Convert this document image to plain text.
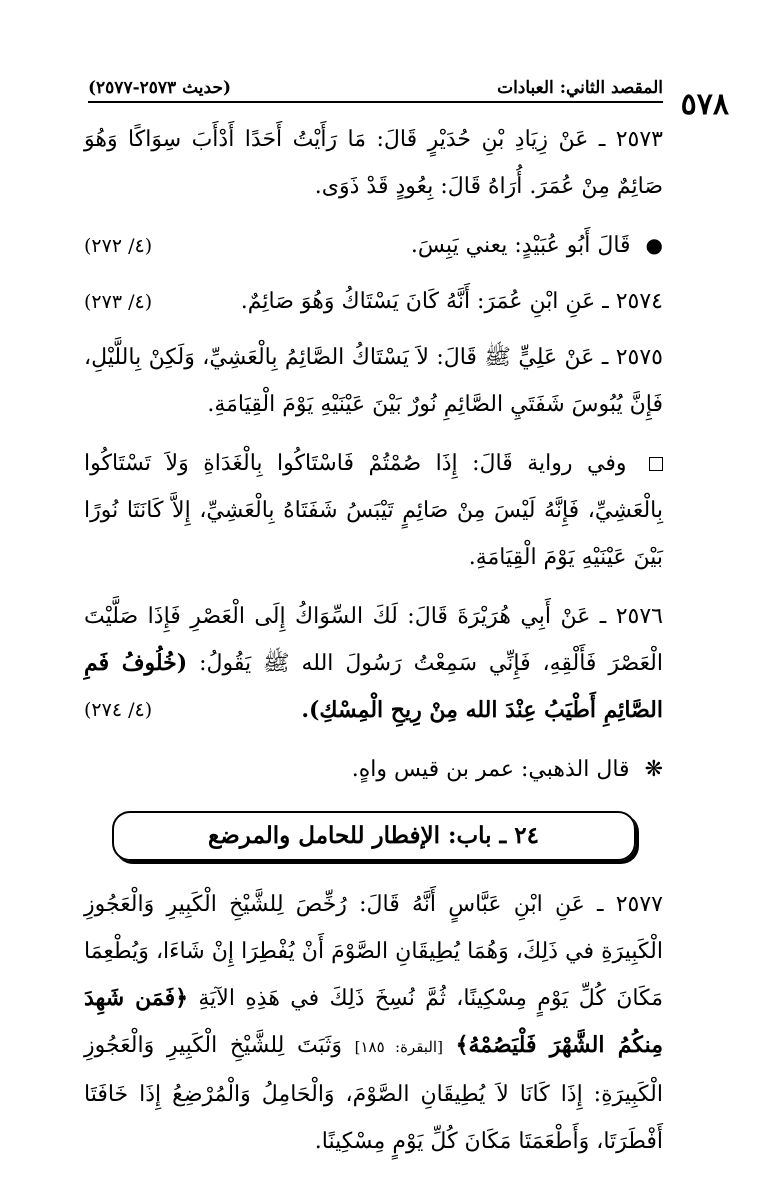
٥٧٨
المقصد الثاني: العبادات
(حديث ٢٥٧٣-٢٥٧٧)

٢٥٧٣ ـ عَنْ زِيَادِ بْنِ حُدَيْرٍ قَالَ: مَا رَأَيْتُ أَحَدًا أَدْأَبَ سِوَاكًا وَهُوَ صَائِمٌ مِنْ عُمَرَ. أُرَاهُ قَالَ: بِعُودٍ قَدْ ذَوَى.

● قَالَ أَبُو عُبَيْدٍ: يعني يَبِسَ.
(٤/ ٢٧٢)
٢٥٧٤ ـ عَنِ ابْنِ عُمَرَ: أَنَّهُ كَانَ يَسْتَاكُ وَهُوَ صَائِمٌ.
(٤/ ٢٧٣)

٢٥٧٥ ـ عَنْ عَلِيٍّ ﷺ قَالَ: لاَ يَسْتَاكُ الصَّائِمُ بِالْعَشِيِّ، وَلَكِنْ بِاللَّيْلِ، فَإِنَّ يُبُوسَ شَفَتَيِ الصَّائِمِ نُورٌ بَيْنَ عَيْنَيْهِ يَوْمَ الْقِيَامَةِ.

وفي رواية قَالَ: إِذَا صُمْتُمْ فَاسْتَاكُوا بِالْغَدَاةِ وَلاَ تَسْتَاكُوا بِالْعَشِيِّ، فَإِنَّهُ لَيْسَ مِنْ صَائِمٍ تَيْبَسُ شَفَتَاهُ بِالْعَشِيِّ، إِلاَّ كَانَتَا نُورًا بَيْنَ عَيْنَيْهِ يَوْمَ الْقِيَامَةِ.

٢٥٧٦ ـ عَنْ أَبِي هُرَيْرَةَ قَالَ: لَكَ السِّوَاكُ إِلَى الْعَصْرِ فَإِذَا صَلَّيْتَ الْعَصْرَ فَأَلْقِهِ، فَإِنِّي سَمِعْتُ رَسُولَ الله ﷺ يَقُولُ: (خُلُوفُ فَمِ الصَّائِمِ أَطْيَبُ عِنْدَ الله مِنْ رِيحِ الْمِسْكِ).
(٤/ ٢٧٤)

❋ قال الذهبي: عمر بن قيس واهٍ.

٢٤ ـ باب: الإفطار للحامل والمرضع

٢٥٧٧ ـ عَنِ ابْنِ عَبَّاسٍ أَنَّهُ قَالَ: رُخِّصَ لِلشَّيْخِ الْكَبِيرِ وَالْعَجُوزِ الْكَبِيرَةِ في ذَلِكَ، وَهُمَا يُطِيقَانِ الصَّوْمَ أَنْ يُفْطِرَا إِنْ شَاءَا، وَيُطْعِمَا مَكَانَ كُلِّ يَوْمٍ مِسْكِينًا، ثُمَّ نُسِخَ ذَلِكَ في هَذِهِ الآيَةِ ﴿فَمَن شَهِدَ مِنكُمُ الشَّهْرَ فَلْيَصُمْهُ﴾ [البقرة: ١٨٥] وَثَبَتَ لِلشَّيْخِ الْكَبِيرِ وَالْعَجُوزِ الْكَبِيرَةِ: إِذَا كَانَا لاَ يُطِيقَانِ الصَّوْمَ، وَالْحَامِلُ وَالْمُرْضِعُ إِذَا خَافَتَا أَفْطَرَتَا، وَأَطْعَمَتَا مَكَانَ كُلِّ يَوْمٍ مِسْكِينًا.
